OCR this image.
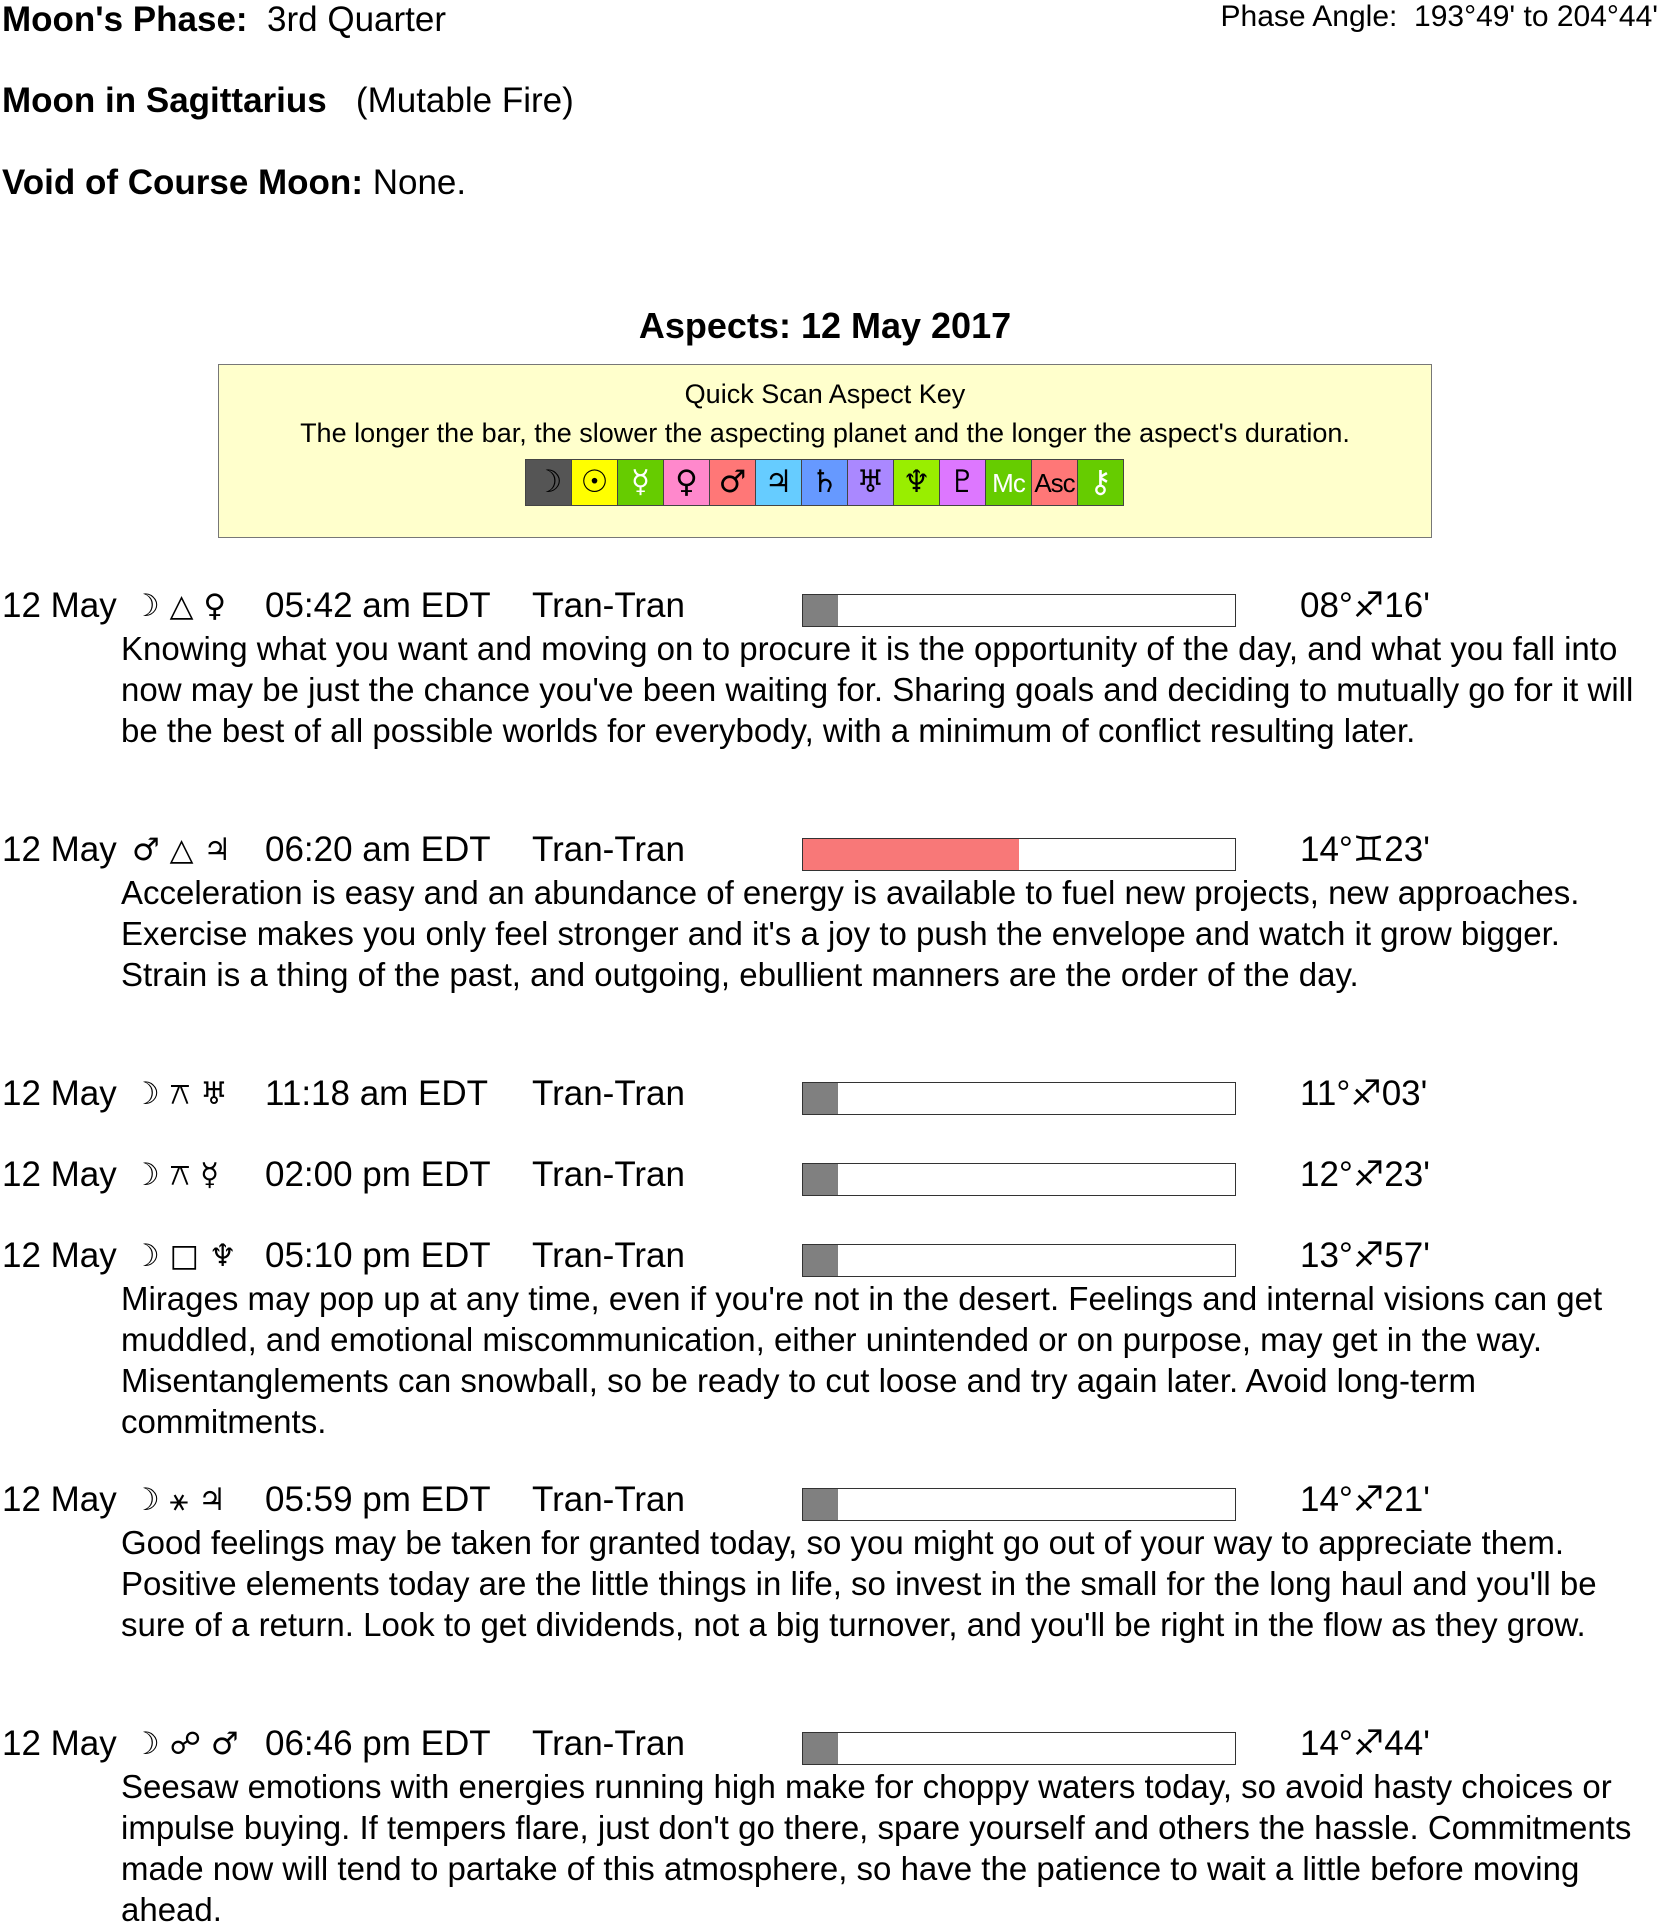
Moon's Phase: 3rd Quarter	Phase Angle: 193°49' to 204°44'
Moon in Sagittarius (Mutable Fire)
Void of Course Moon: None.
Aspects: 12 May 2017
Quick Scan Aspect Key
The longer the bar, the slower the aspecting planet and the longer the aspect's duration.
☽ ☉ ☿ ♀ ♂ ♃ ♄ ♅ ♆ ♇ Mc Asc ⚷
12 May ☽ △ ♀ 05:42 am EDT Tran-Tran	08°♐16'
Knowing what you want and moving on to procure it is the opportunity of the day, and what you fall into now may be just the chance you've been waiting for. Sharing goals and deciding to mutually go for it will be the best of all possible worlds for everybody, with a minimum of conflict resulting later.
12 May ♂ △ ♃ 06:20 am EDT Tran-Tran	14°♊23'
Acceleration is easy and an abundance of energy is available to fuel new projects, new approaches. Exercise makes you only feel stronger and it's a joy to push the envelope and watch it grow bigger. Strain is a thing of the past, and outgoing, ebullient manners are the order of the day.
12 May ☽ ⚻ ♅ 11:18 am EDT Tran-Tran	11°♐03'
12 May ☽ ⚻ ☿ 02:00 pm EDT Tran-Tran	12°♐23'
12 May ☽ □ ♆ 05:10 pm EDT Tran-Tran	13°♐57'
Mirages may pop up at any time, even if you're not in the desert. Feelings and internal visions can get muddled, and emotional miscommunication, either unintended or on purpose, may get in the way. Misentanglements can snowball, so be ready to cut loose and try again later. Avoid long-term commitments.
12 May ☽ ⚹ ♃ 05:59 pm EDT Tran-Tran	14°♐21'
Good feelings may be taken for granted today, so you might go out of your way to appreciate them. Positive elements today are the little things in life, so invest in the small for the long haul and you'll be sure of a return. Look to get dividends, not a big turnover, and you'll be right in the flow as they grow.
12 May ☽ ☍ ♂ 06:46 pm EDT Tran-Tran	14°♐44'
Seesaw emotions with energies running high make for choppy waters today, so avoid hasty choices or impulse buying. If tempers flare, just don't go there, spare yourself and others the hassle. Commitments made now will tend to partake of this atmosphere, so have the patience to wait a little before moving ahead.
